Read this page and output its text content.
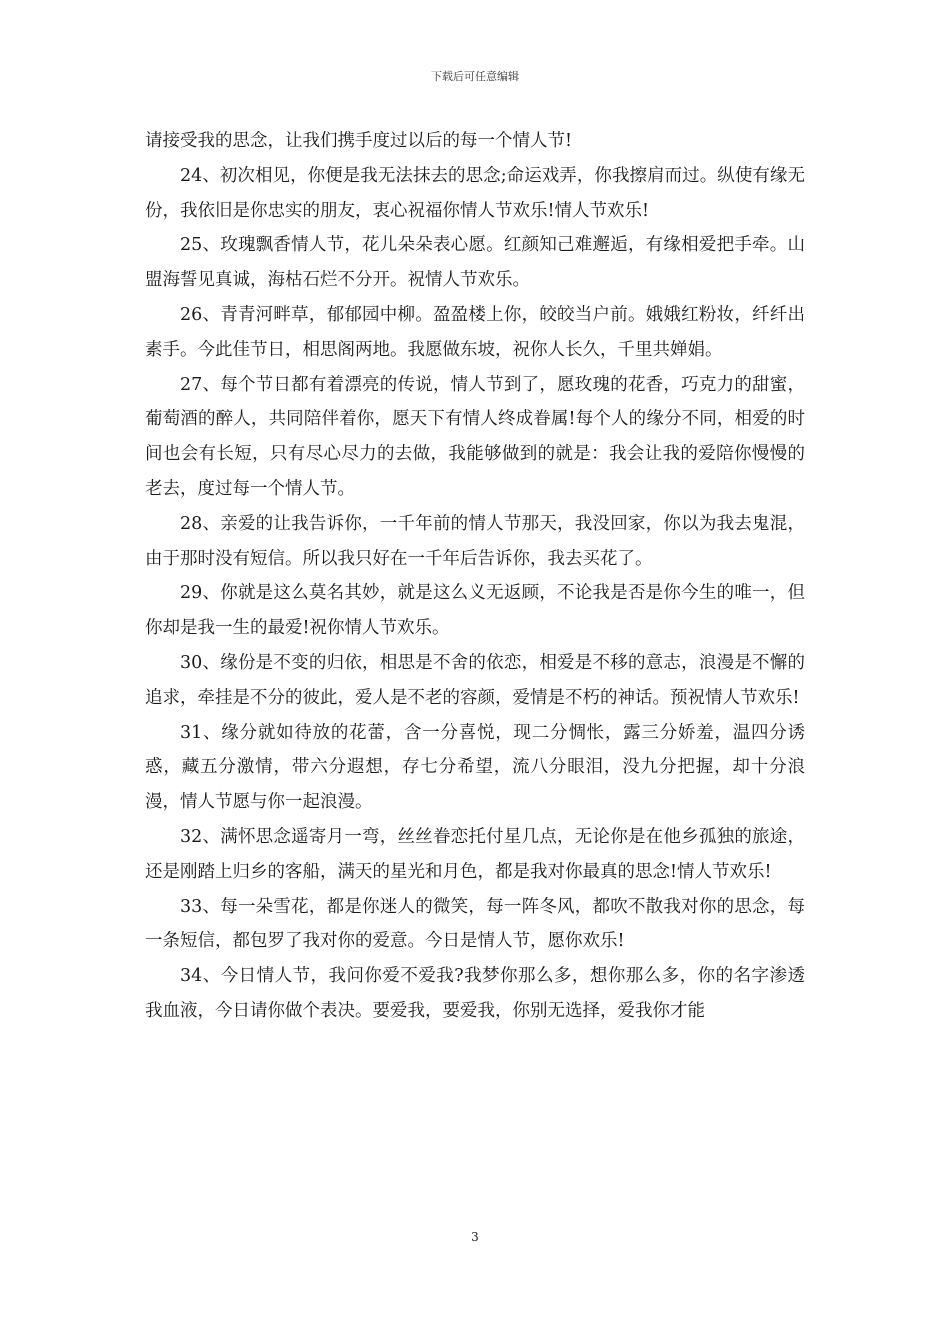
下载后可任意编辑

请接受我的思念，让我们携手度过以后的每一个情人节!

24、初次相见，你便是我无法抹去的思念;命运戏弄，你我擦肩而过。纵使有缘无份，我依旧是你忠实的朋友，衷心祝福你情人节欢乐!情人节欢乐!

25、玫瑰飘香情人节，花儿朵朵表心愿。红颜知己难邂逅，有缘相爱把手牵。山盟海誓见真诚，海枯石烂不分开。祝情人节欢乐。

26、青青河畔草，郁郁园中柳。盈盈楼上你，皎皎当户前。娥娥红粉妆，纤纤出素手。今此佳节日，相思阁两地。我愿做东坡，祝你人长久，千里共婵娟。

27、每个节日都有着漂亮的传说，情人节到了，愿玫瑰的花香，巧克力的甜蜜，葡萄酒的醉人，共同陪伴着你，愿天下有情人终成眷属!每个人的缘分不同，相爱的时间也会有长短，只有尽心尽力的去做，我能够做到的就是：我会让我的爱陪你慢慢的老去，度过每一个情人节。

28、亲爱的让我告诉你，一千年前的情人节那天，我没回家，你以为我去鬼混，由于那时没有短信。所以我只好在一千年后告诉你，我去买花了。

29、你就是这么莫名其妙，就是这么义无返顾，不论我是否是你今生的唯一，但你却是我一生的最爱!祝你情人节欢乐。

30、缘份是不变的归依，相思是不舍的依恋，相爱是不移的意志，浪漫是不懈的追求，牵挂是不分的彼此，爱人是不老的容颜，爱情是不朽的神话。预祝情人节欢乐!

31、缘分就如待放的花蕾，含一分喜悦，现二分惆怅，露三分娇羞，温四分诱惑，藏五分激情，带六分遐想，存七分希望，流八分眼泪，没九分把握，却十分浪漫，情人节愿与你一起浪漫。

32、满怀思念遥寄月一弯，丝丝眷恋托付星几点，无论你是在他乡孤独的旅途，还是刚踏上归乡的客船，满天的星光和月色，都是我对你最真的思念!情人节欢乐!

33、每一朵雪花，都是你迷人的微笑，每一阵冬风，都吹不散我对你的思念，每一条短信，都包罗了我对你的爱意。今日是情人节，愿你欢乐!

34、今日情人节，我问你爱不爱我?我梦你那么多，想你那么多，你的名字渗透我血液，今日请你做个表决。要爱我，要爱我，你别无选择，爱我你才能

3
